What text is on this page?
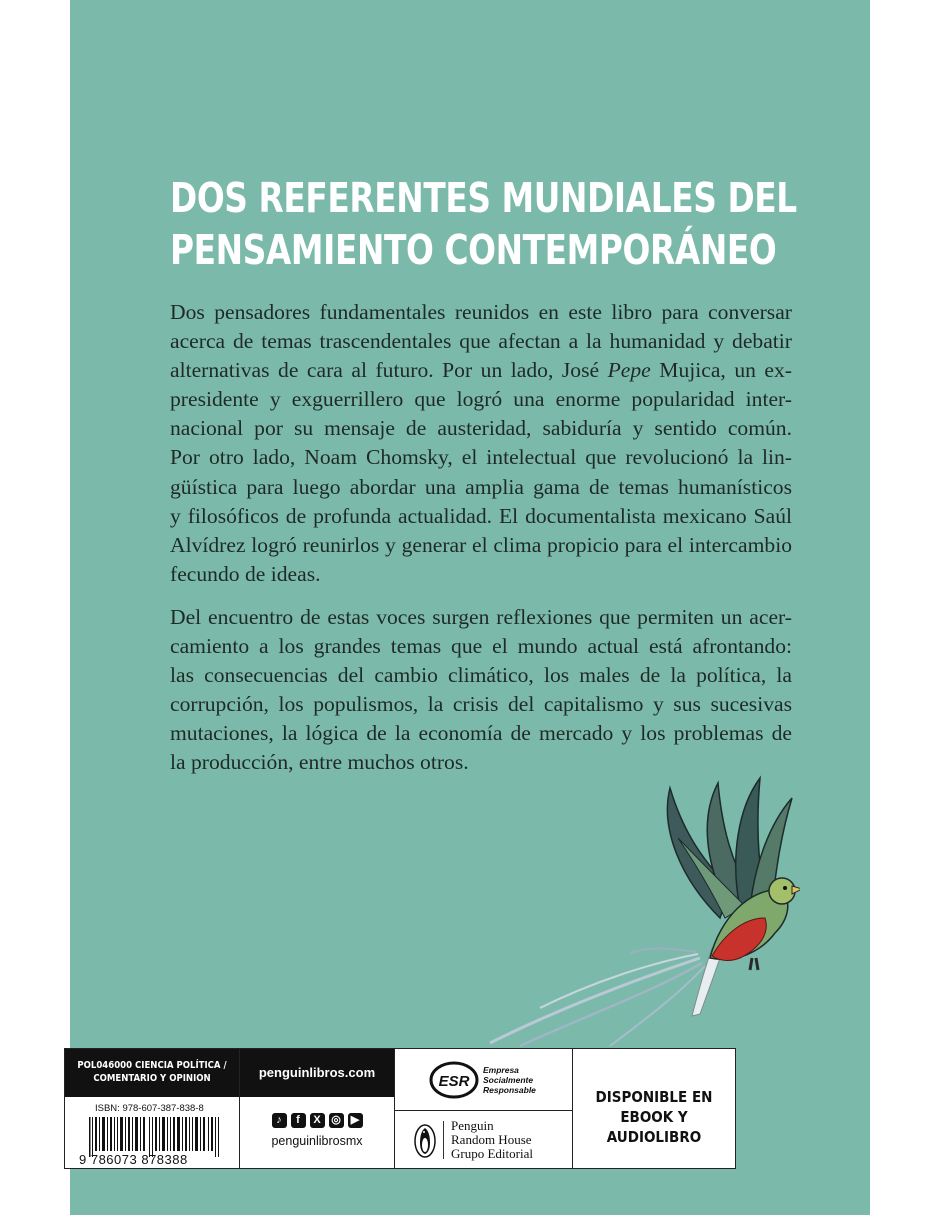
DOS REFERENTES MUNDIALES DEL
PENSAMIENTO CONTEMPORÁNEO
Dos pensadores fundamentales reunidos en este libro para conversar
acerca de temas trascendentales que afectan a la humanidad y debatir
alternativas de cara al futuro. Por un lado, José Pepe Mujica, un ex-
presidente y exguerrillero que logró una enorme popularidad inter-
nacional por su mensaje de austeridad, sabiduría y sentido común.
Por otro lado, Noam Chomsky, el intelectual que revolucionó la lin-
güística para luego abordar una amplia gama de temas humanísticos
y filosóficos de profunda actualidad. El documentalista mexicano Saúl
Alvídrez logró reunirlos y generar el clima propicio para el intercambio
fecundo de ideas.
Del encuentro de estas voces surgen reflexiones que permiten un acer-
camiento a los grandes temas que el mundo actual está afrontando:
las consecuencias del cambio climático, los males de la política, la
corrupción, los populismos, la crisis del capitalismo y sus sucesivas
mutaciones, la lógica de la economía de mercado y los problemas de
la producción, entre muchos otros.
POL046000 CIENCIA POLÍTICA /
COMENTARIO Y OPINION
ISBN: 978-607-387-838-8
9 786073 878388
penguinlibros.com
♪	f	X ◎ ▶
penguinlibrosmx
ESR
Empresa
Socialmente
Responsable
Penguin
Random House
Grupo Editorial
DISPONIBLE EN
EBOOK Y AUDIOLIBRO
